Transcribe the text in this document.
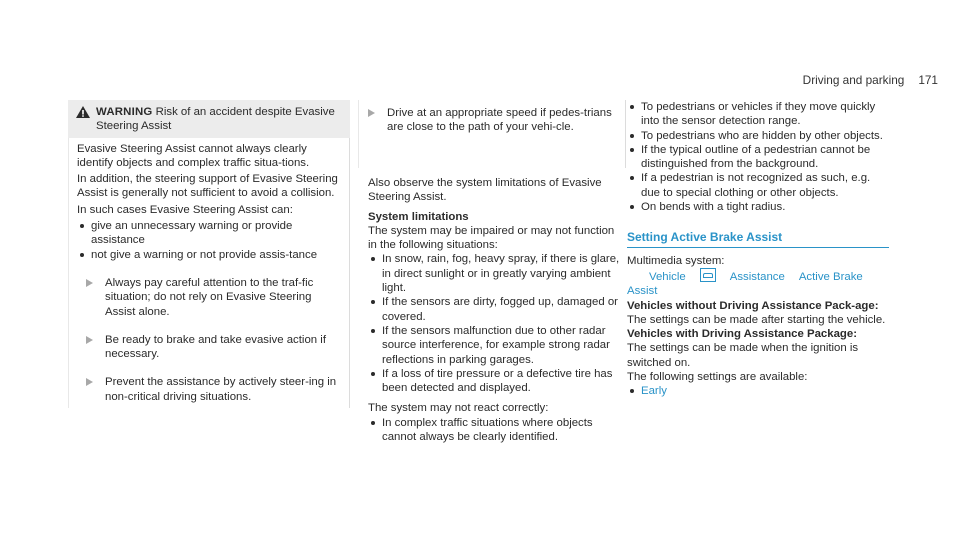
Driving and parking 171
WARNING Risk of an accident despite Evasive Steering Assist

Evasive Steering Assist cannot always clearly identify objects and complex traffic situa-tions.

In addition, the steering support of Evasive Steering Assist is generally not sufficient to avoid a collision.

In such cases Evasive Steering Assist can:

give an unnecessary warning or provide assistance
not give a warning or not provide assis-tance
Always pay careful attention to the traf-fic situation; do not rely on Evasive Steering Assist alone.
Be ready to brake and take evasive action if necessary.
Prevent the assistance by actively steer-ing in non-critical driving situations.
Drive at an appropriate speed if pedes-trians are close to the path of your vehi-cle.

Also observe the system limitations of Evasive Steering Assist.

System limitations

The system may be impaired or may not function in the following situations:

In snow, rain, fog, heavy spray, if there is glare, in direct sunlight or in greatly varying ambient light.
If the sensors are dirty, fogged up, damaged or covered.
If the sensors malfunction due to other radar source interference, for example strong radar reflections in parking garages.
If a loss of tire pressure or a defective tire has been detected and displayed.

The system may not react correctly:

In complex traffic situations where objects cannot always be clearly identified.
To pedestrians or vehicles if they move quickly into the sensor detection range.
To pedestrians who are hidden by other objects.
If the typical outline of a pedestrian cannot be distinguished from the background.
If a pedestrian is not recognized as such, e.g. due to special clothing or other objects.
On bends with a tight radius.
Setting Active Brake Assist

Multimedia system:

Vehicle	Assistance Active Brake
Assist

Vehicles without Driving Assistance Pack-age: The settings can be made after starting the vehicle.

Vehicles with Driving Assistance Package:

The settings can be made when the ignition is switched on.

The following settings are available:

Early
